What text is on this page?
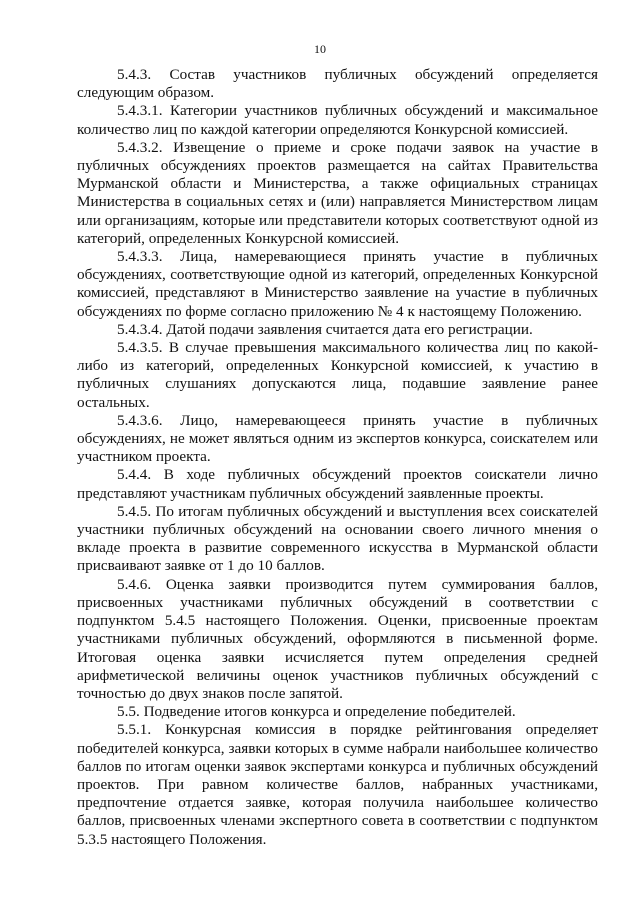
10

5.4.3. Состав участников публичных обсуждений определяется следующим образом.

5.4.3.1. Категории участников публичных обсуждений и максимальное количество лиц по каждой категории определяются Конкурсной комиссией.

5.4.3.2. Извещение о приеме и сроке подачи заявок на участие в публичных обсуждениях проектов размещается на сайтах Правительства Мурманской области и Министерства, а также официальных страницах Министерства в социальных сетях и (или) направляется Министерством лицам или организациям, которые или представители которых соответствуют одной из категорий, определенных Конкурсной комиссией.

5.4.3.3. Лица, намеревающиеся принять участие в публичных обсуждениях, соответствующие одной из категорий, определенных Конкурсной комиссией, представляют в Министерство заявление на участие в публичных обсуждениях по форме согласно приложению № 4 к настоящему Положению.

5.4.3.4. Датой подачи заявления считается дата его регистрации.

5.4.3.5. В случае превышения максимального количества лиц по какой-либо из категорий, определенных Конкурсной комиссией, к участию в публичных слушаниях допускаются лица, подавшие заявление ранее остальных.

5.4.3.6. Лицо, намеревающееся принять участие в публичных обсуждениях, не может являться одним из экспертов конкурса, соискателем или участником проекта.

5.4.4. В ходе публичных обсуждений проектов соискатели лично представляют участникам публичных обсуждений заявленные проекты.

5.4.5. По итогам публичных обсуждений и выступления всех соискателей участники публичных обсуждений на основании своего личного мнения о вкладе проекта в развитие современного искусства в Мурманской области присваивают заявке от 1 до 10 баллов.

5.4.6. Оценка заявки производится путем суммирования баллов, присвоенных участниками публичных обсуждений в соответствии с подпунктом 5.4.5 настоящего Положения. Оценки, присвоенные проектам участниками публичных обсуждений, оформляются в письменной форме. Итоговая оценка заявки исчисляется путем определения средней арифметической величины оценок участников публичных обсуждений с точностью до двух знаков после запятой.

5.5. Подведение итогов конкурса и определение победителей.

5.5.1. Конкурсная комиссия в порядке рейтингования определяет победителей конкурса, заявки которых в сумме набрали наибольшее количество баллов по итогам оценки заявок экспертами конкурса и публичных обсуждений проектов. При равном количестве баллов, набранных участниками, предпочтение отдается заявке, которая получила наибольшее количество баллов, присвоенных членами экспертного совета в соответствии с подпунктом 5.3.5 настоящего Положения.
